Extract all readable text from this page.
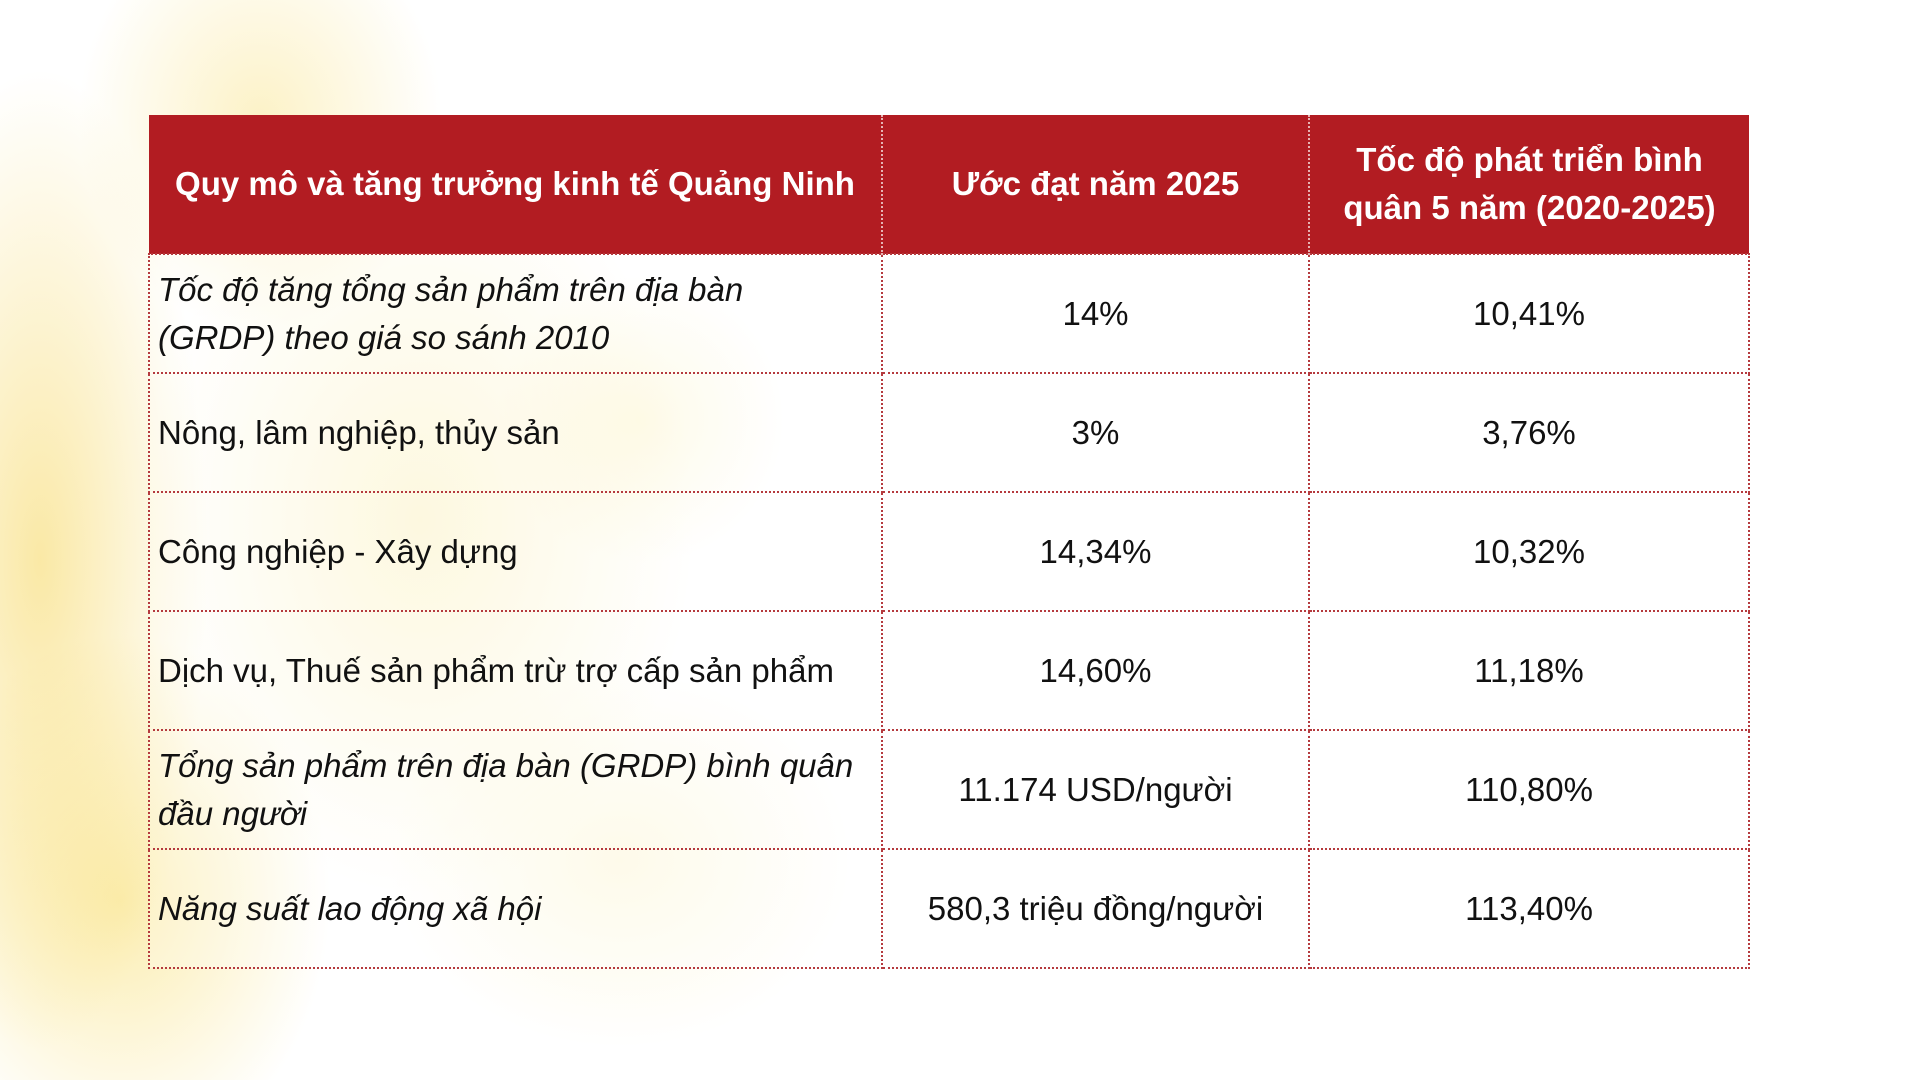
Quy mô và tăng trưởng kinh tế Quảng Ninh	Ước đạt năm 2025	Tốc độ phát triển bình quân 5 năm (2020-2025)
Tốc độ tăng tổng sản phẩm trên địa bàn (GRDP) theo giá so sánh 2010	14%	10,41%
Nông, lâm nghiệp, thủy sản	3%	3,76%
Công nghiệp - Xây dựng	14,34%	10,32%
Dịch vụ, Thuế sản phẩm trừ trợ cấp sản phẩm	14,60%	11,18%
Tổng sản phẩm trên địa bàn (GRDP) bình quân đầu người	11.174 USD/người	110,80%
Năng suất lao động xã hội	580,3 triệu đồng/người	113,40%
